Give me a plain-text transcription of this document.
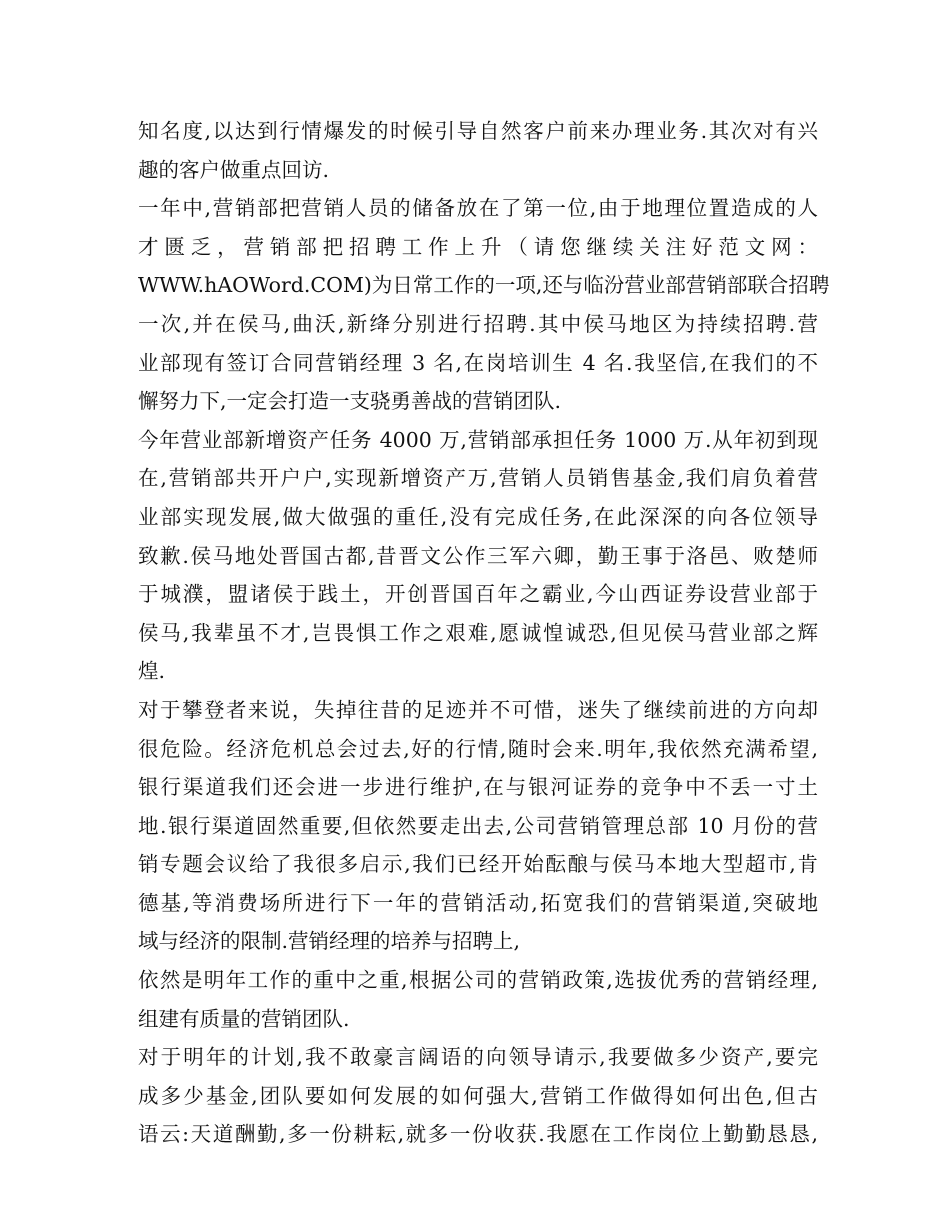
知名度,以达到行情爆发的时候引导自然客户前来办理业务.其次对有兴
趣的客户做重点回访.
一年中,营销部把营销人员的储备放在了第一位,由于地理位置造成的人
才匮乏，营销部把招聘工作上升（请您继续关注好范文网：
WWW.hAOWord.COM)为日常工作的一项,还与临汾营业部营销部联合招聘
一次,并在侯马,曲沃,新绛分别进行招聘.其中侯马地区为持续招聘.营
业部现有签订合同营销经理 3 名,在岗培训生 4 名.我坚信,在我们的不
懈努力下,一定会打造一支骁勇善战的营销团队.
今年营业部新增资产任务 4000 万,营销部承担任务 1000 万.从年初到现
在,营销部共开户户,实现新增资产万,营销人员销售基金,我们肩负着营
业部实现发展,做大做强的重任,没有完成任务,在此深深的向各位领导
致歉.侯马地处晋国古都,昔晋文公作三军六卿，勤王事于洛邑、败楚师
于城濮，盟诸侯于践土，开创晋国百年之霸业,今山西证券设营业部于
侯马,我辈虽不才,岂畏惧工作之艰难,愿诚惶诚恐,但见侯马营业部之辉
煌.
对于攀登者来说，失掉往昔的足迹并不可惜，迷失了继续前进的方向却
很危险。经济危机总会过去,好的行情,随时会来.明年,我依然充满希望,
银行渠道我们还会进一步进行维护,在与银河证券的竞争中不丢一寸土
地.银行渠道固然重要,但依然要走出去,公司营销管理总部 10 月份的营
销专题会议给了我很多启示,我们已经开始酝酿与侯马本地大型超市,肯
德基,等消费场所进行下一年的营销活动,拓宽我们的营销渠道,突破地
域与经济的限制.营销经理的培养与招聘上,
依然是明年工作的重中之重,根据公司的营销政策,选拔优秀的营销经理,
组建有质量的营销团队.
对于明年的计划,我不敢豪言阔语的向领导请示,我要做多少资产,要完
成多少基金,团队要如何发展的如何强大,营销工作做得如何出色,但古
语云:天道酬勤,多一份耕耘,就多一份收获.我愿在工作岗位上勤勤恳恳,
